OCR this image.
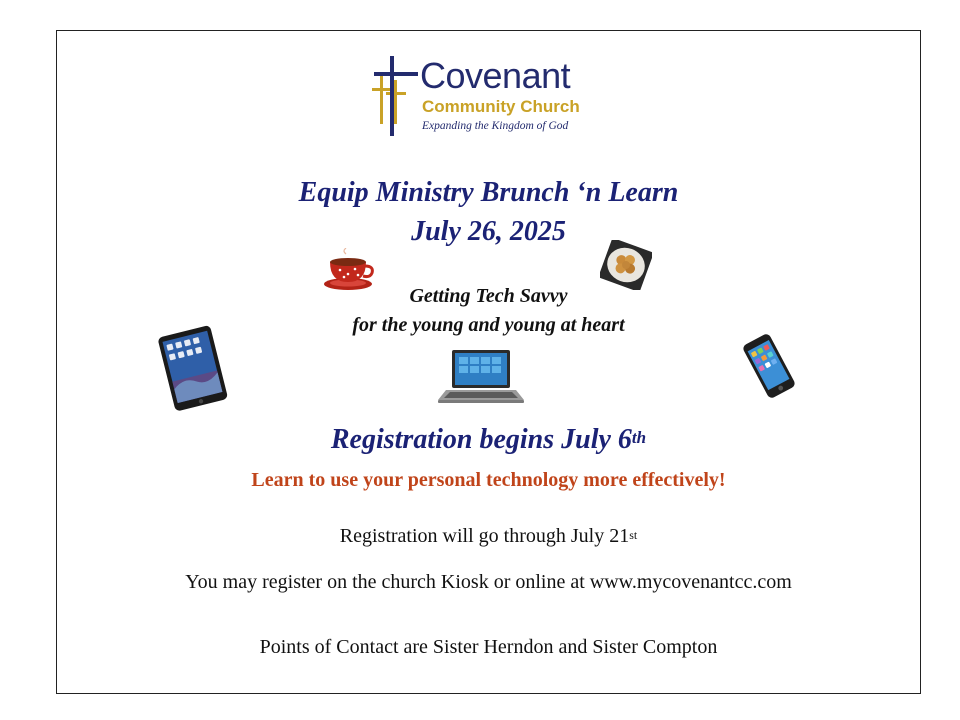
Covenant
Community Church
Expanding the Kingdom of God
Equip Ministry Brunch ‘n Learn
July 26, 2025
Getting Tech Savvy
for the young and young at heart
Registration begins July 6th
Learn to use your personal technology more effectively!
Registration will go through July 21st
You may register on the church Kiosk or online at www.mycovenantcc.com
Points of Contact are Sister Herndon and Sister Compton
